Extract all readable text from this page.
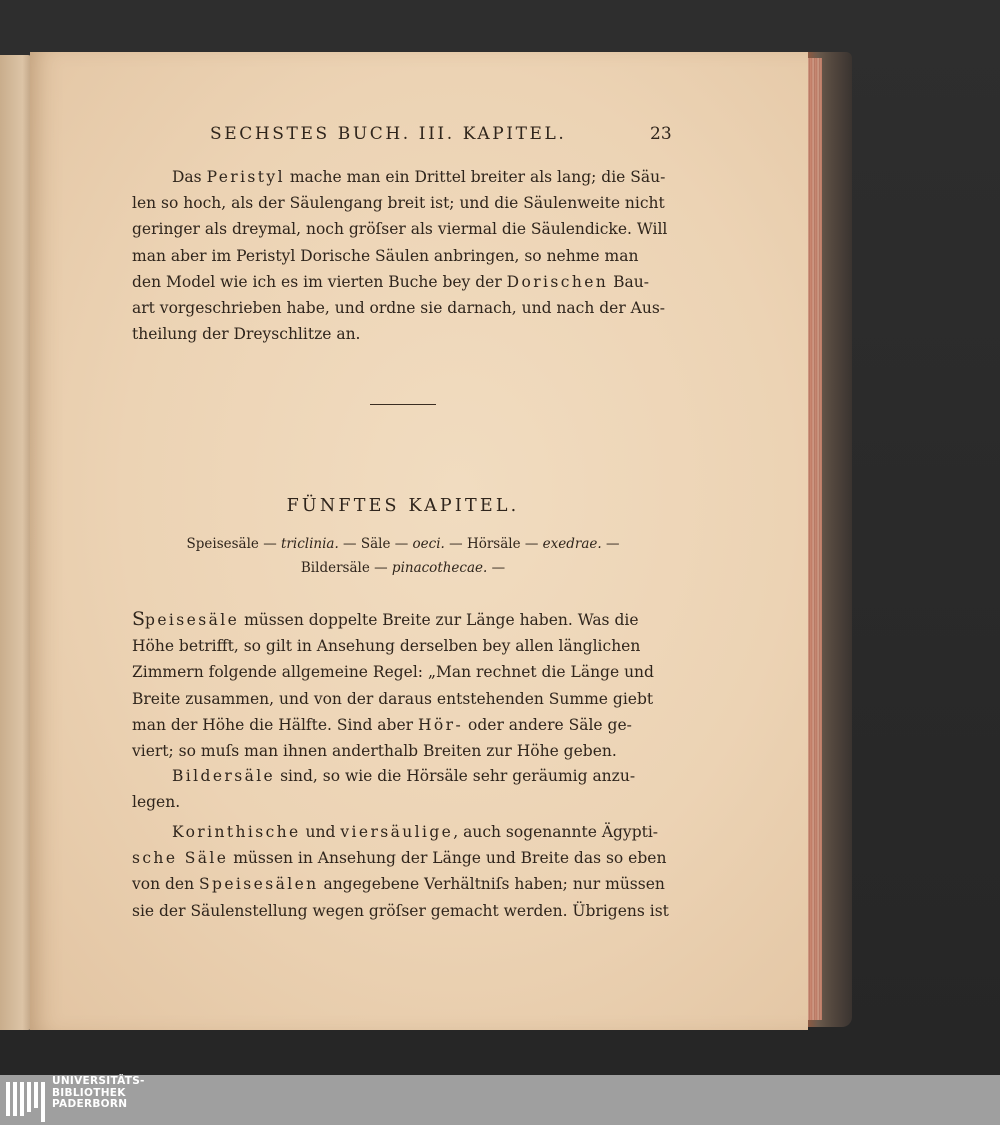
SECHSTES BUCH. III. KAPITEL.	23

Das Peristyl mache man ein Drittel breiter als lang; die Säu-

len so hoch, als der Säulengang breit ist; und die Säulenweite nicht

geringer als dreymal, noch gröſser als viermal die Säulendicke. Will

man aber im Peristyl Dorische Säulen anbringen, so nehme man

den Model wie ich es im vierten Buche bey der Dorischen Bau-

art vorgeschrieben habe, und ordne sie darnach, und nach der Aus-

theilung der Dreyschlitze an.

FÜNFTES KAPITEL.
Speisesäle — triclinia. — Säle — oeci. — Hörsäle — exedrae. —
Bildersäle — pinacothecae. —

Speisesäle müssen doppelte Breite zur Länge haben. Was die

Höhe betrifft, so gilt in Ansehung derselben bey allen länglichen

Zimmern folgende allgemeine Regel: „Man rechnet die Länge und

Breite zusammen, und von der daraus entstehenden Summe giebt

man der Höhe die Hälfte. Sind aber Hör- oder andere Säle ge-

viert; so muſs man ihnen anderthalb Breiten zur Höhe geben.

Bildersäle sind, so wie die Hörsäle sehr geräumig anzu-

legen.

Korinthische und viersäulige, auch sogenannte Ägypti-

sche Säle müssen in Ansehung der Länge und Breite das so eben

von den Speisesälen angegebene Verhältniſs haben; nur müssen

sie der Säulenstellung wegen gröſser gemacht werden. Übrigens ist

UNIVERSITÄTS-
BIBLIOTHEK
PADERBORN
